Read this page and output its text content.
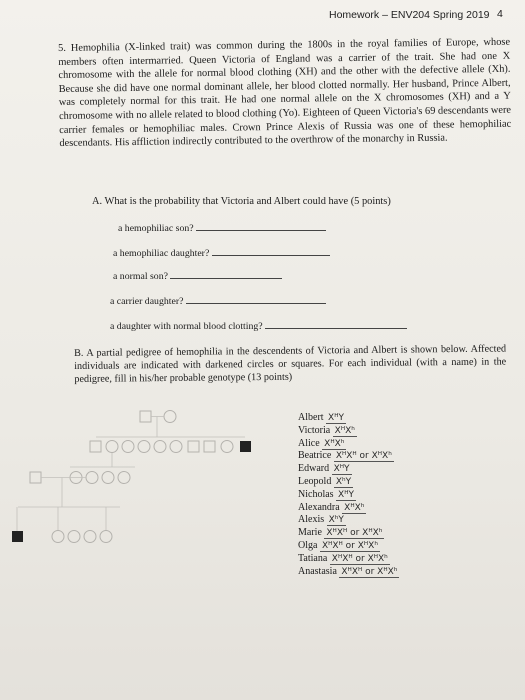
Homework – ENV204 Spring 2019 4
5. Hemophilia (X-linked trait) was common during the 1800s in the royal families of Europe, whose members often intermarried. Queen Victoria of England was a carrier of the trait. She had one X chromosome with the allele for normal blood clothing (XH) and the other with the defective allele (Xh). Because she did have one normal dominant allele, her blood clotted normally. Her husband, Prince Albert, was completely normal for this trait. He had one normal allele on the X chromosomes (XH) and a Y chromosome with no allele related to blood clothing (Yo). Eighteen of Queen Victoria's 69 descendants were carrier females or hemophiliac males. Crown Prince Alexis of Russia was one of these hemophiliac descendants. His affliction indirectly contributed to the overthrow of the monarchy in Russia.
A. What is the probability that Victoria and Albert could have (5 points)
a hemophiliac son?
a hemophiliac daughter?
a normal son?
a carrier daughter?
a daughter with normal blood clotting?
B. A partial pedigree of hemophilia in the descendents of Victoria and Albert is shown below. Affected individuals are indicated with darkened circles or squares. For each individual (with a name) in the pedigree, fill in his/her probable genotype (13 points)
Albert XᴴY
Victoria XᴴXʰ
Alice XᴴXʰ
Beatrice XᴴXᴴ or XᴴXʰ
Edward XᴴY
Leopold XʰY
Nicholas XᴴY
Alexandra XᴴXʰ
Alexis XʰY
Marie XᴴXᴴ or XᴴXʰ
Olga XᴴXᴴ or XᴴXʰ
Tatiana XᴴXᴴ or XᴴXʰ
Anastasia XᴴXᴴ or XᴴXʰ
